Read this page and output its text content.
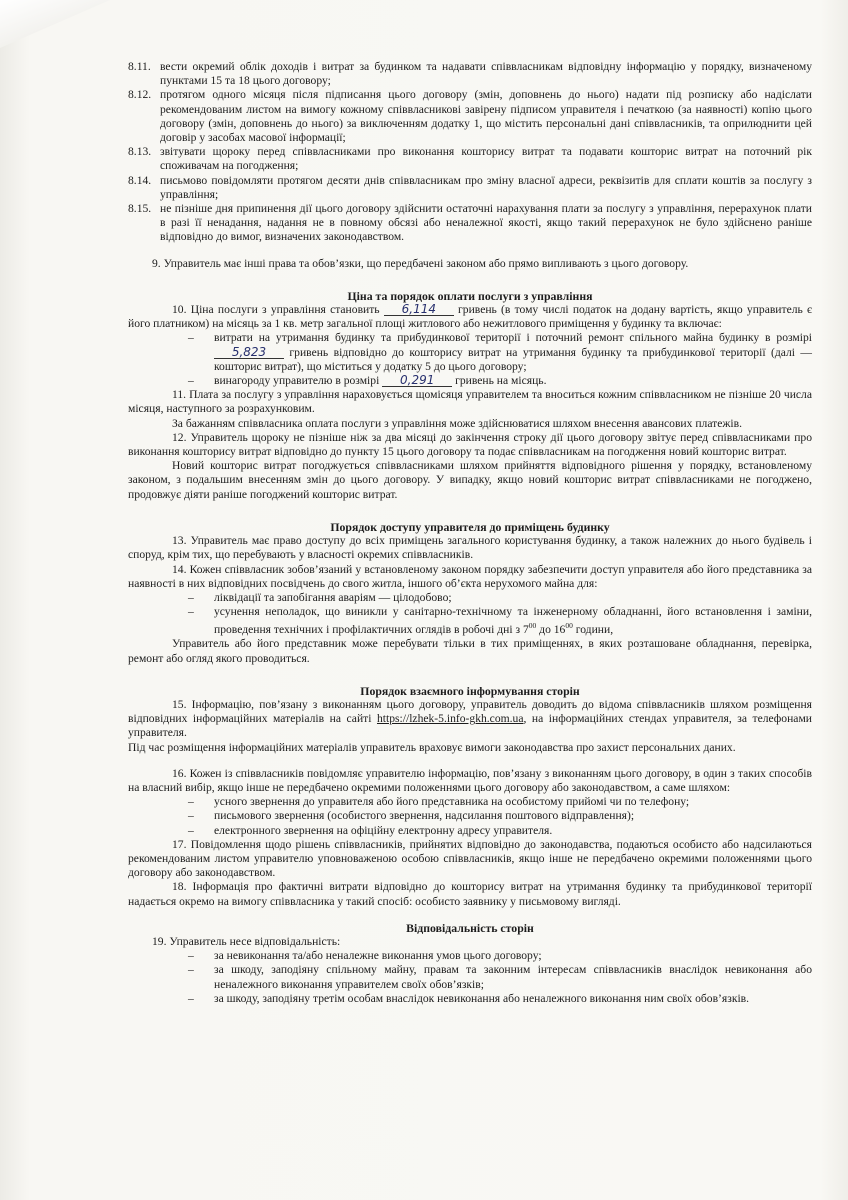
8.11. вести окремий облік доходів і витрат за будинком та надавати співвласникам відповідну інформацію у порядку, визначеному пунктами 15 та 18 цього договору;
8.12. протягом одного місяця після підписання цього договору (змін, доповнень до нього) надати під розписку або надіслати рекомендованим листом на вимогу кожному співвласникові завірену підписом управителя і печаткою (за наявності) копію цього договору (змін, доповнень до нього) за виключенням додатку 1, що містить персональні дані співвласників, та оприлюднити цей договір у засобах масової інформації;
8.13. звітувати щороку перед співвласниками про виконання кошторису витрат та подавати кошторис витрат на поточний рік споживачам на погодження;
8.14. письмово повідомляти протягом десяти днів співвласникам про зміну власної адреси, реквізитів для сплати коштів за послугу з управління;
8.15. не пізніше дня припинення дії цього договору здійснити остаточні нарахування плати за послугу з управління, перерахунок плати в разі її ненадання, надання не в повному обсязі або неналежної якості, якщо такий перерахунок не було здійснено раніше відповідно до вимог, визначених законодавством.

9. Управитель має інші права та обов’язки, що передбачені законом або прямо випливають з цього договору.

Ціна та порядок оплати послуги з управління

10. Ціна послуги з управління становить 6,114 гривень (в тому числі податок на додану вартість, якщо управитель є його платником) на місяць за 1 кв. метр загальної площі житлового або нежитлового приміщення у будинку та включає:

–	витрати на утримання будинку та прибудинкової території і поточний ремонт спільного майна будинку в розмірі 5,823 гривень відповідно до кошторису витрат на утримання будинку та прибудинкової території (далі — кошторис витрат), що міститься у додатку 5 до цього договору;
–	винагороду управителю в розмірі 0,291 гривень на місяць.

11. Плата за послугу з управління нараховується щомісяця управителем та вноситься кожним співвласником не пізніше 20 числа місяця, наступного за розрахунковим.

За бажанням співвласника оплата послуги з управління може здійснюватися шляхом внесення авансових платежів.

12. Управитель щороку не пізніше ніж за два місяці до закінчення строку дії цього договору звітує перед співвласниками про виконання кошторису витрат відповідно до пункту 15 цього договору та подає співвласникам на погодження новий кошторис витрат.

Новий кошторис витрат погоджується співвласниками шляхом прийняття відповідного рішення у порядку, встановленому законом, з подальшим внесенням змін до цього договору. У випадку, якщо новий кошторис витрат співвласниками не погоджено, продовжує діяти раніше погоджений кошторис витрат.

Порядок доступу управителя до приміщень будинку

13. Управитель має право доступу до всіх приміщень загального користування будинку, а також належних до нього будівель і споруд, крім тих, що перебувають у власності окремих співвласників.

14. Кожен співвласник зобов’язаний у встановленому законом порядку забезпечити доступ управителя або його представника за наявності в них відповідних посвідчень до свого житла, іншого об’єкта нерухомого майна для:

–	ліквідації та запобігання аваріям — цілодобово;
–	усунення неполадок, що виникли у санітарно-технічному та інженерному обладнанні, його встановлення і заміни, проведення технічних і профілактичних оглядів в робочі дні з $7^{00}$ до $16^{00}$ години,

Управитель або його представник може перебувати тільки в тих приміщеннях, в яких розташоване обладнання, перевірка, ремонт або огляд якого проводиться.

Порядок взаємного інформування сторін

15. Інформацію, пов’язану з виконанням цього договору, управитель доводить до відома співвласників шляхом розміщення відповідних інформаційних матеріалів на сайті https://lzhek-5.info-gkh.com.ua, на інформаційних стендах управителя, за телефонами управителя.

Під час розміщення інформаційних матеріалів управитель враховує вимоги законодавства про захист персональних даних.

16. Кожен із співвласників повідомляє управителю інформацію, пов’язану з виконанням цього договору, в один з таких способів на власний вибір, якщо інше не передбачено окремими положеннями цього договору або законодавством, а саме шляхом:

–	усного звернення до управителя або його представника на особистому прийомі чи по телефону;
–	письмового звернення (особистого звернення, надсилання поштового відправлення);
–	електронного звернення на офіційну електронну адресу управителя.

17. Повідомлення щодо рішень співвласників, прийнятих відповідно до законодавства, подаються особисто або надсилаються рекомендованим листом управителю уповноваженою особою співвласників, якщо інше не передбачено окремими положеннями цього договору або законодавством.

18. Інформація про фактичні витрати відповідно до кошторису витрат на утримання будинку та прибудинкової території надається окремо на вимогу співвласника у такий спосіб: особисто заявнику у письмовому вигляді.

Відповідальність сторін

19. Управитель несе відповідальність:

–	за невиконання та/або неналежне виконання умов цього договору;
–	за шкоду, заподіяну спільному майну, правам та законним інтересам співвласників внаслідок невиконання або неналежного виконання управителем своїх обов’язків;
–	за шкоду, заподіяну третім особам внаслідок невиконання або неналежного виконання ним своїх обов’язків.
